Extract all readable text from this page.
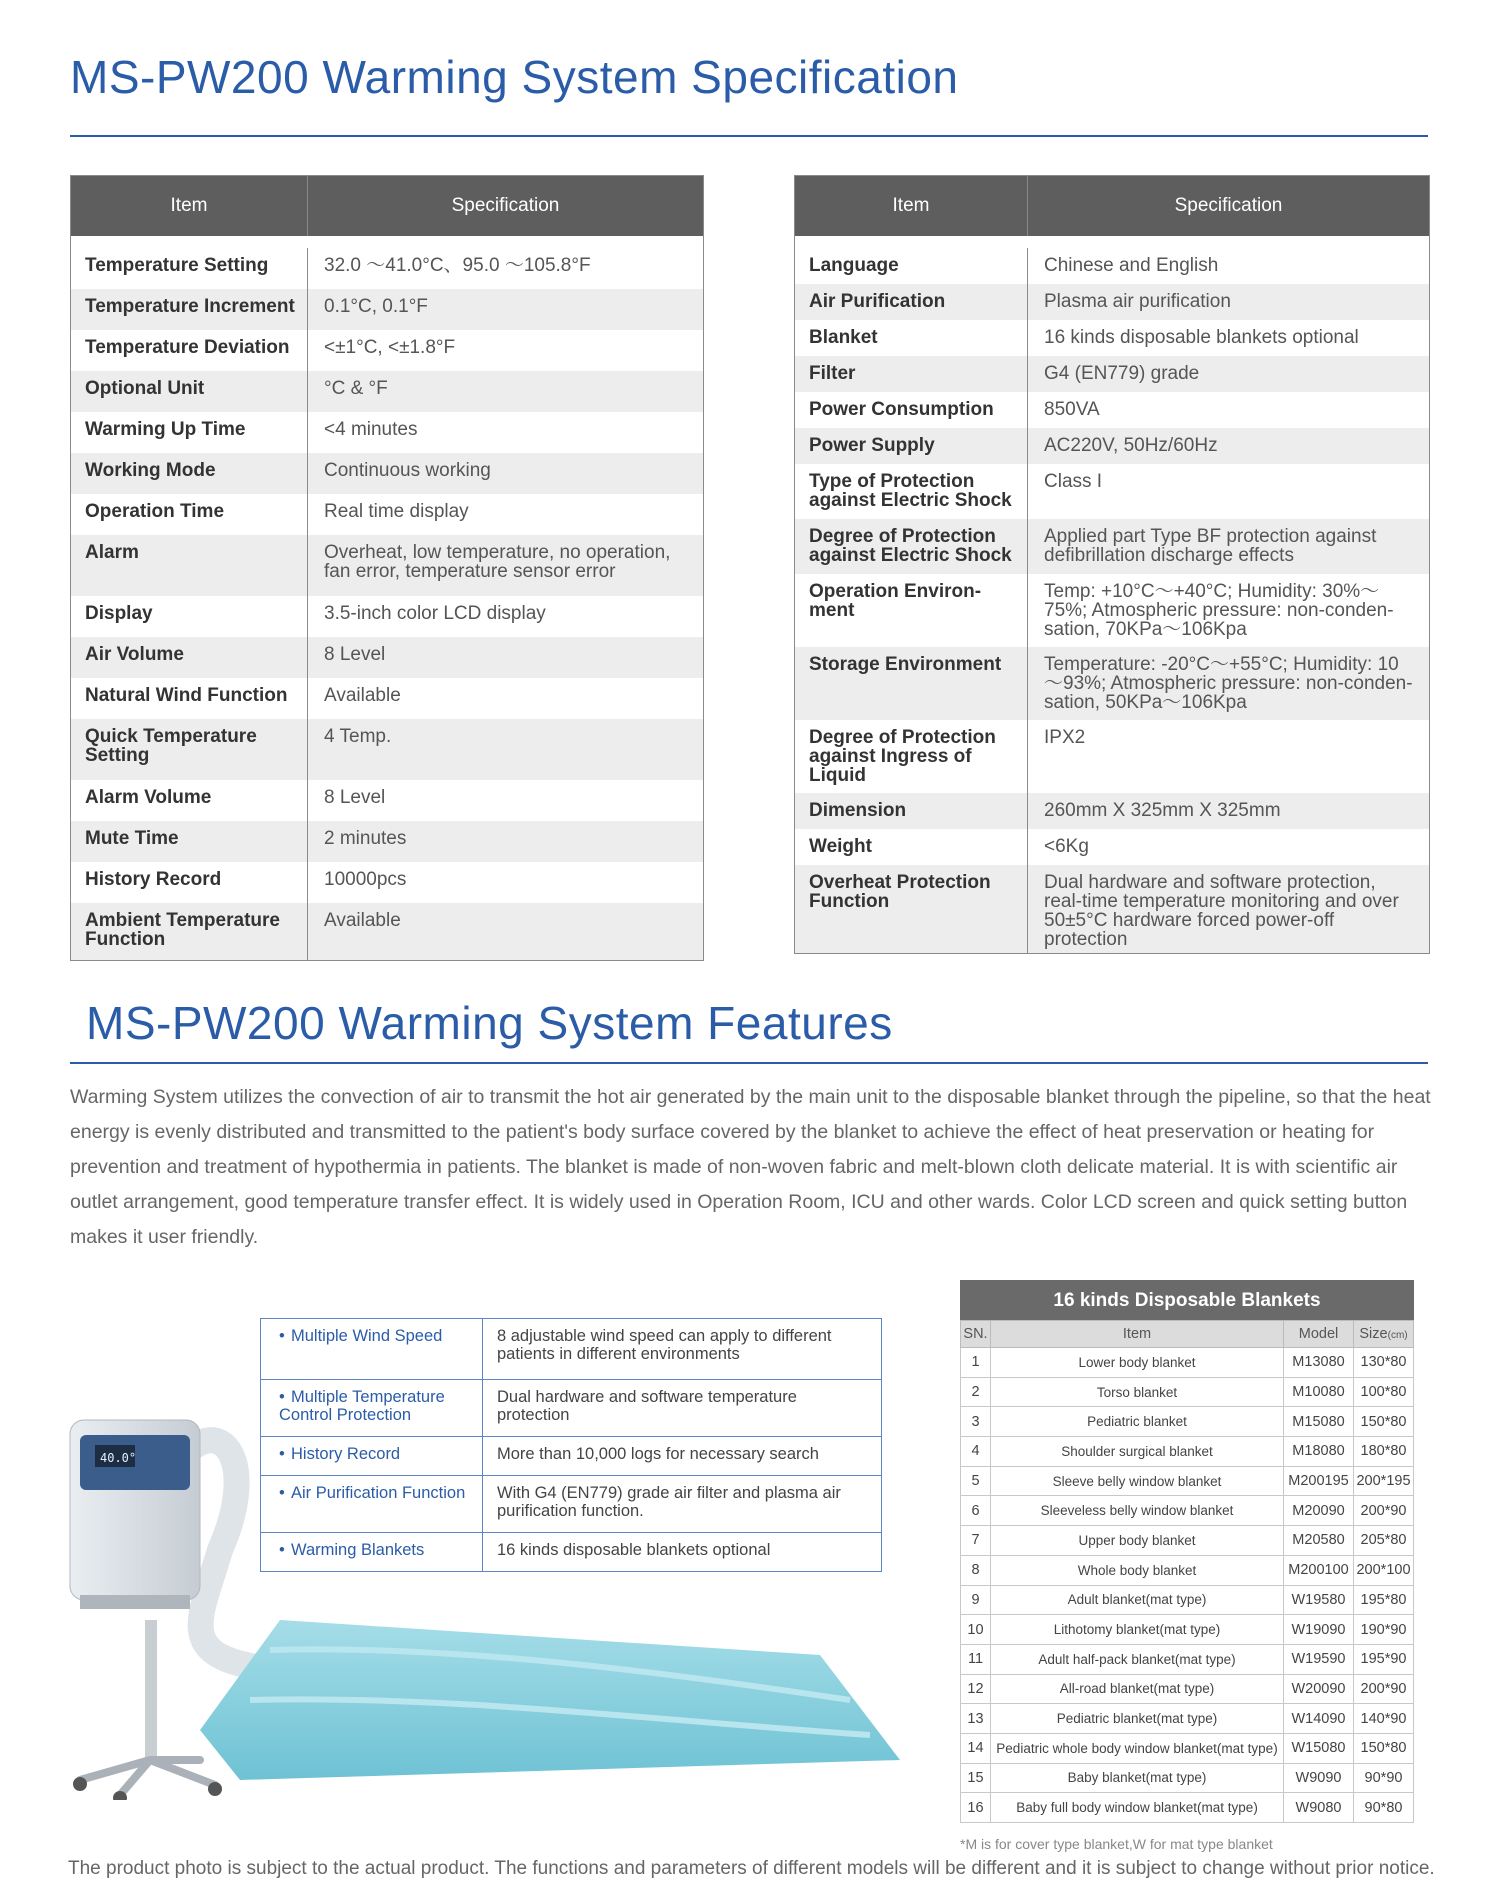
MS-PW200 Warming System Specification
Item	Specification

Temperature Setting	32.0 ～41.0°C、95.0 ～105.8°F
Temperature Increment	0.1°C, 0.1°F
Temperature Deviation	<±1°C, <±1.8°F
Optional Unit	°C & °F
Warming Up Time	<4 minutes
Working Mode	Continuous working
Operation Time	Real time display
Alarm	Overheat, low temperature, no operation, fan error, temperature sensor error
Display	3.5-inch color LCD display
Air Volume	8 Level
Natural Wind Function	Available
Quick Temperature Setting	4 Temp.
Alarm Volume	8 Level
Mute Time	2 minutes
History Record	10000pcs
Ambient Temperature Function	Available
Item	Specification

Language	Chinese and English
Air Purification	Plasma air purification
Blanket	16 kinds disposable blankets optional
Filter	G4 (EN779) grade
Power Consumption	850VA
Power Supply	AC220V, 50Hz/60Hz
Type of Protection against Electric Shock	Class I
Degree of Protection against Electric Shock	Applied part Type BF protection against defibrillation discharge effects
Operation Environ-ment	Temp: +10°C～+40°C; Humidity: 30%～75%; Atmospheric pressure: non-conden-sation, 70KPa～106Kpa
Storage Environment	Temperature: -20°C～+55°C; Humidity: 10～93%; Atmospheric pressure: non-conden-sation, 50KPa～106Kpa
Degree of Protection against Ingress of Liquid	IPX2
Dimension	260mm X 325mm X 325mm
Weight	<6Kg
Overheat Protection Function	Dual hardware and software protection, real-time temperature monitoring and over 50±5°C hardware forced power-off protection
MS-PW200 Warming System Features

Warming System utilizes the convection of air to transmit the hot air generated by the main unit to the disposable blanket through the pipeline, so that the heat energy is evenly distributed and transmitted to the patient's body surface covered by the blanket to achieve the effect of heat preservation or heating for prevention and treatment of hypothermia in patients. The blanket is made of non-woven fabric and melt-blown cloth delicate material. It is with scientific air outlet arrangement, good temperature transfer effect. It is widely used in Operation Room, ICU and other wards. Color LCD screen and quick setting button makes it user friendly.

40.0°
• Multiple Wind Speed	8 adjustable wind speed can apply to different patients in different environments
• Multiple Temperature Control Protection	Dual hardware and software temperature protection
• History Record	More than 10,000 logs for necessary search
• Air Purification Function	With G4 (EN779) grade air filter and plasma air purification function.
• Warming Blankets	16 kinds disposable blankets optional
16 kinds Disposable Blankets
SN.	Item	Model	Size(cm)
1	Lower body blanket	M13080	130*80
2	Torso blanket	M10080	100*80
3	Pediatric blanket	M15080	150*80
4	Shoulder surgical blanket	M18080	180*80
5	Sleeve belly window blanket	M200195	200*195
6	Sleeveless belly window blanket	M20090	200*90
7	Upper body blanket	M20580	205*80
8	Whole body blanket	M200100	200*100
9	Adult blanket(mat type)	W19580	195*80
10	Lithotomy blanket(mat type)	W19090	190*90
11	Adult half-pack blanket(mat type)	W19590	195*90
12	All-road blanket(mat type)	W20090	200*90
13	Pediatric blanket(mat type)	W14090	140*90
14	Pediatric whole body window blanket(mat type)	W15080	150*80
15	Baby blanket(mat type)	W9090	90*90
16	Baby full body window blanket(mat type)	W9080	90*80
*M is for cover type blanket,W for mat type blanket
The product photo is subject to the actual product. The functions and parameters of different models will be different and it is subject to change without prior notice.
